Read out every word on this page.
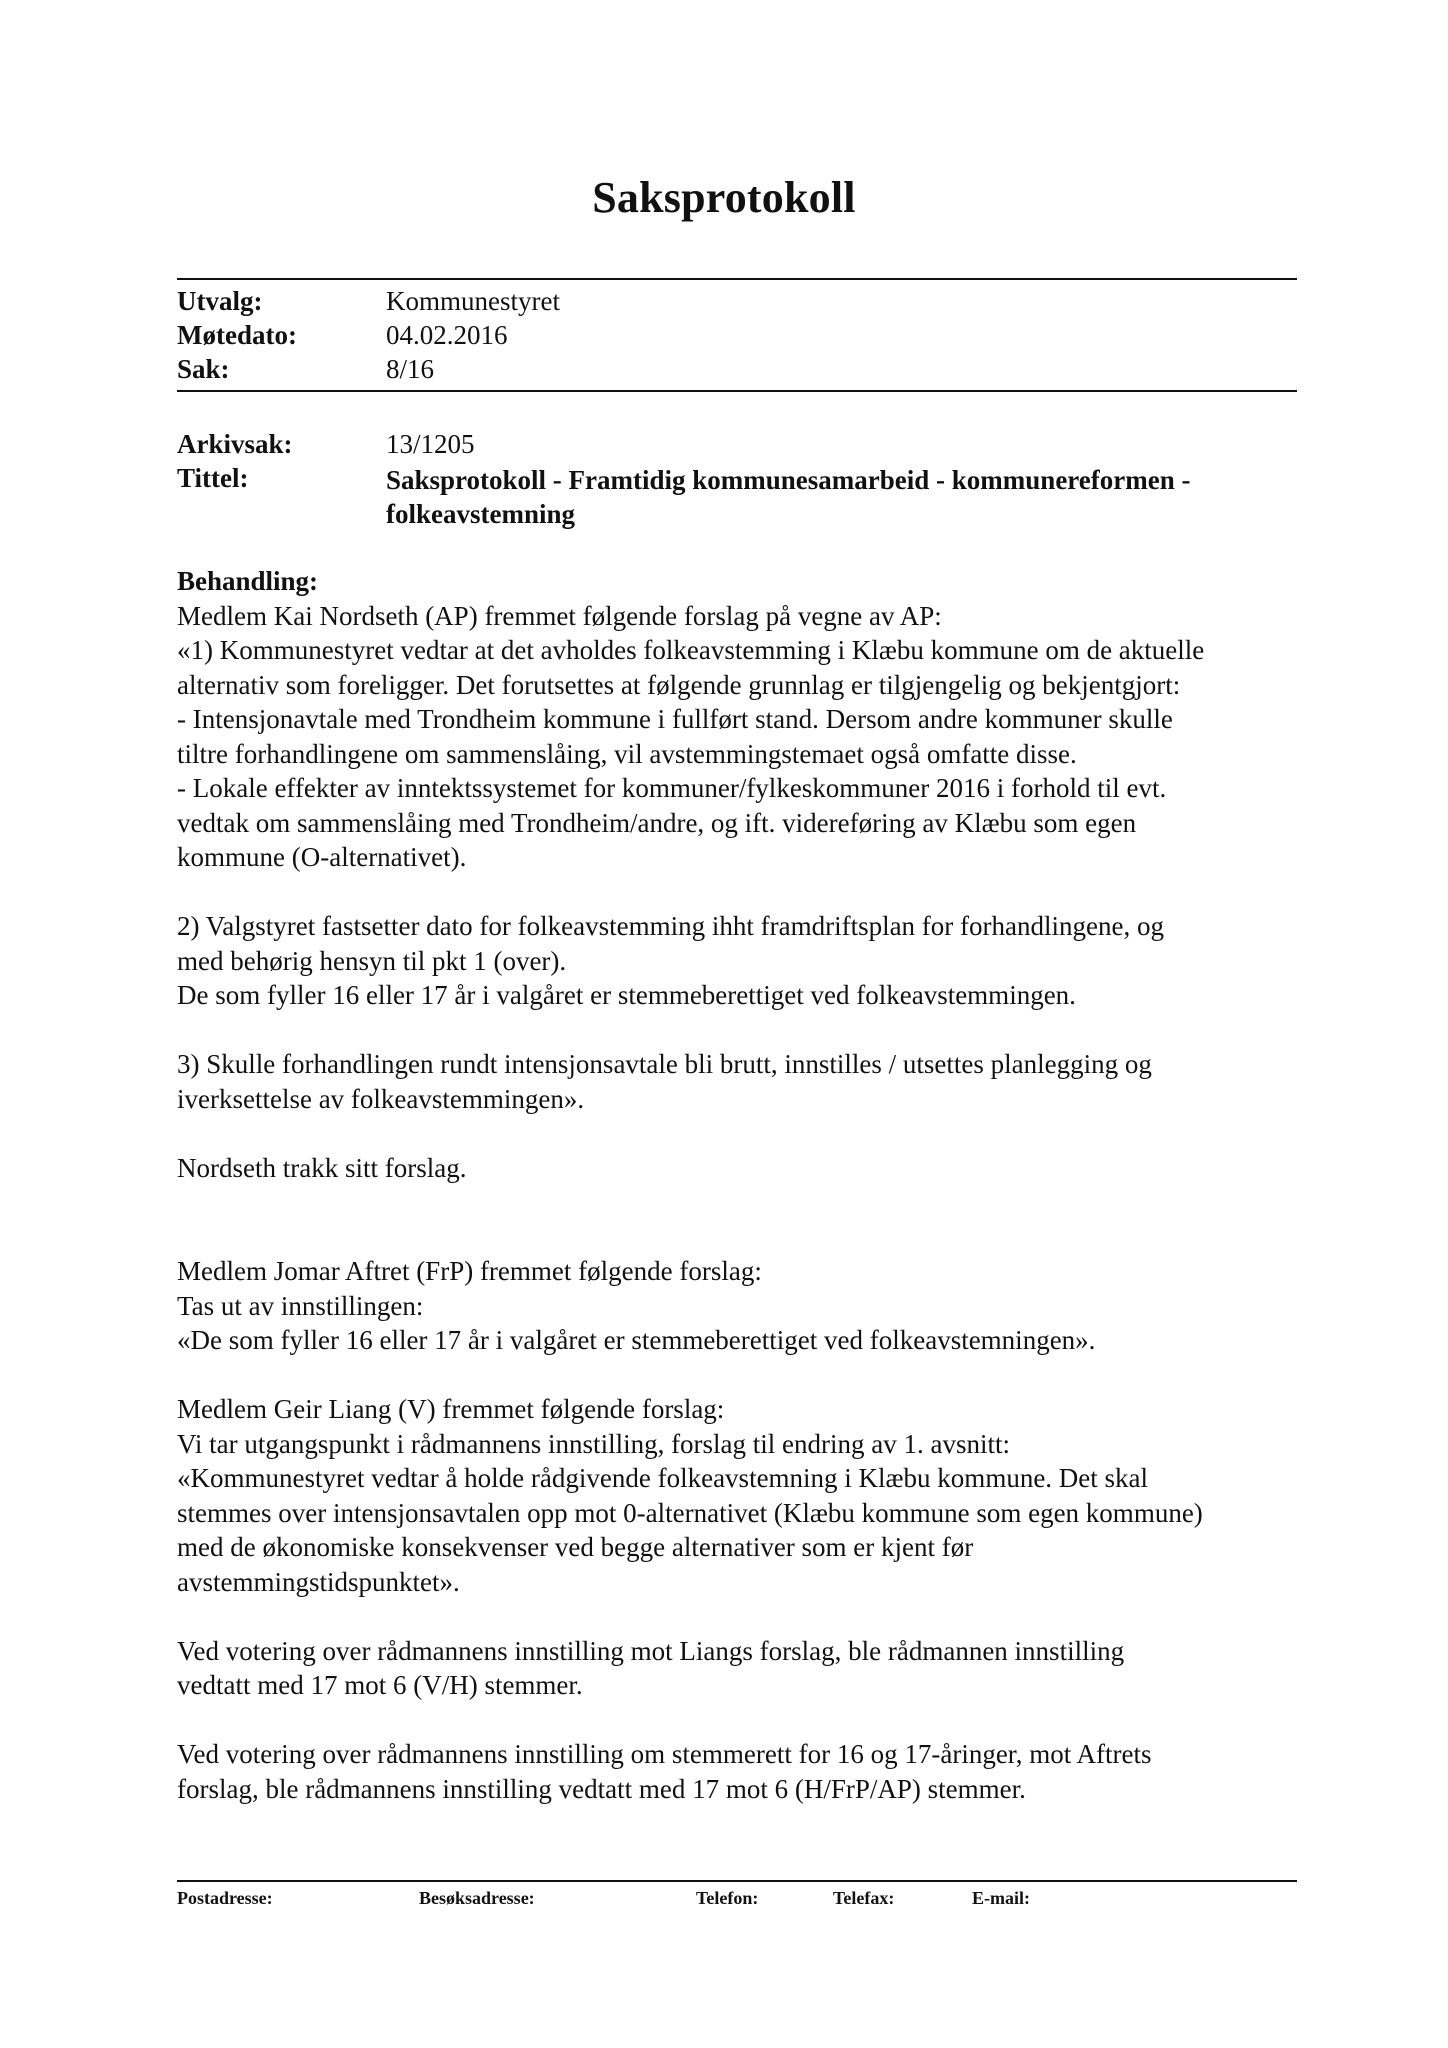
Saksprotokoll
Utvalg:	Kommunestyret
Møtedato:	04.02.2016
Sak:	8/16
Arkivsak:	13/1205
Tittel:	Saksprotokoll - Framtidig kommunesamarbeid - kommunereformen - folkeavstemning

Behandling:

Medlem Kai Nordseth (AP) fremmet følgende forslag på vegne av AP:

«1) Kommunestyret vedtar at det avholdes folkeavstemming i Klæbu kommune om de aktuelle

alternativ som foreligger. Det forutsettes at følgende grunnlag er tilgjengelig og bekjentgjort:

- Intensjonavtale med Trondheim kommune i fullført stand. Dersom andre kommuner skulle

tiltre forhandlingene om sammenslåing, vil avstemmingstemaet også omfatte disse.

- Lokale effekter av inntektssystemet for kommuner/fylkeskommuner 2016 i forhold til evt.

vedtak om sammenslåing med Trondheim/andre, og ift. videreføring av Klæbu som egen

kommune (O-alternativet).

2) Valgstyret fastsetter dato for folkeavstemming ihht framdriftsplan for forhandlingene, og

med behørig hensyn til pkt 1 (over).

De som fyller 16 eller 17 år i valgåret er stemmeberettiget ved folkeavstemmingen.

3) Skulle forhandlingen rundt intensjonsavtale bli brutt, innstilles / utsettes planlegging og

iverksettelse av folkeavstemmingen».

Nordseth trakk sitt forslag.

Medlem Jomar Aftret (FrP) fremmet følgende forslag:

Tas ut av innstillingen:

«De som fyller 16 eller 17 år i valgåret er stemmeberettiget ved folkeavstemningen».

Medlem Geir Liang (V) fremmet følgende forslag:

Vi tar utgangspunkt i rådmannens innstilling, forslag til endring av 1. avsnitt:

«Kommunestyret vedtar å holde rådgivende folkeavstemning i Klæbu kommune. Det skal

stemmes over intensjonsavtalen opp mot 0-alternativet (Klæbu kommune som egen kommune)

med de økonomiske konsekvenser ved begge alternativer som er kjent før

avstemmingstidspunktet».

Ved votering over rådmannens innstilling mot Liangs forslag, ble rådmannen innstilling

vedtatt med 17 mot 6 (V/H) stemmer.

Ved votering over rådmannens innstilling om stemmerett for 16 og 17-åringer, mot Aftrets

forslag, ble rådmannens innstilling vedtatt med 17 mot 6 (H/FrP/AP) stemmer.

Postadresse:	Besøksadresse:	Telefon:	Telefax:	E-mail:
